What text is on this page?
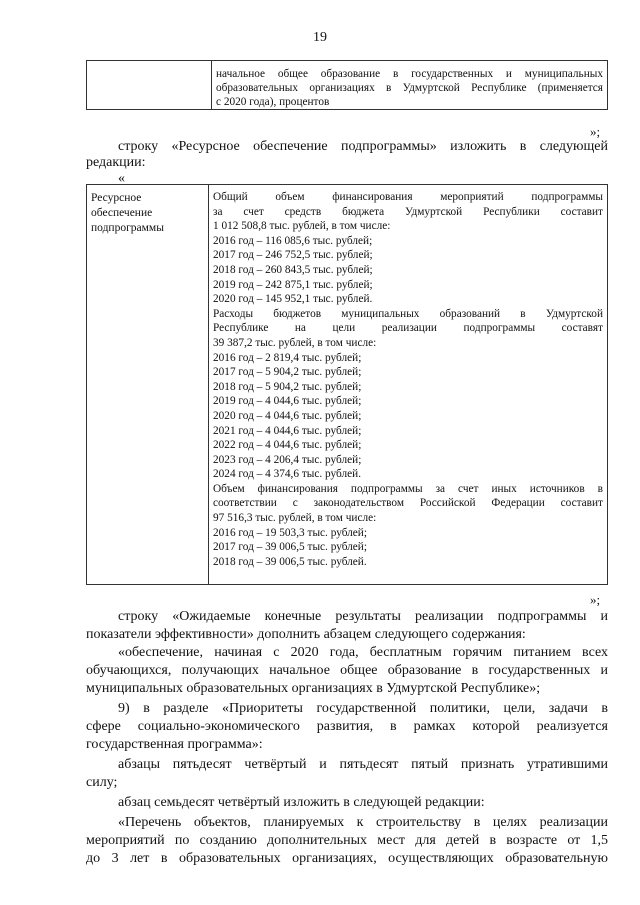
19
начальное общее образование в государственных и муниципальных
образовательных организациях в Удмуртской Республике (применяется
с 2020 года), процентов
»;
строку «Ресурсное обеспечение подпрограммы» изложить в следующей
редакции:
«
Ресурсное
обеспечение
подпрограммы
Общий объем финансирования мероприятий подпрограммы
за счет средств бюджета Удмуртской Республики составит
1 012 508,8 тыс. рублей, в том числе:
2016 год – 116 085,6 тыс. рублей;
2017 год – 246 752,5 тыс. рублей;
2018 год – 260 843,5 тыс. рублей;
2019 год – 242 875,1 тыс. рублей;
2020 год – 145 952,1 тыс. рублей.
Расходы бюджетов муниципальных образований в Удмуртской
Республике на цели реализации подпрограммы составят
39 387,2 тыс. рублей, в том числе:
2016 год – 2 819,4 тыс. рублей;
2017 год – 5 904,2 тыс. рублей;
2018 год – 5 904,2 тыс. рублей;
2019 год – 4 044,6 тыс. рублей;
2020 год – 4 044,6 тыс. рублей;
2021 год – 4 044,6 тыс. рублей;
2022 год – 4 044,6 тыс. рублей;
2023 год – 4 206,4 тыс. рублей;
2024 год – 4 374,6 тыс. рублей.
Объем финансирования подпрограммы за счет иных источников в
соответствии с законодательством Российской Федерации составит
97 516,3 тыс. рублей, в том числе:
2016 год – 19 503,3 тыс. рублей;
2017 год – 39 006,5 тыс. рублей;
2018 год – 39 006,5 тыс. рублей.
»;
строку «Ожидаемые конечные результаты реализации подпрограммы и
показатели эффективности» дополнить абзацем следующего содержания:
«обеспечение, начиная с 2020 года, бесплатным горячим питанием всех
обучающихся, получающих начальное общее образование в государственных и
муниципальных образовательных организациях в Удмуртской Республике»;
9) в разделе «Приоритеты государственной политики, цели, задачи в
сфере социально-экономического развития, в рамках которой реализуется
государственная программа»:
абзацы пятьдесят четвёртый и пятьдесят пятый признать утратившими
силу;
абзац семьдесят четвёртый изложить в следующей редакции:
«Перечень объектов, планируемых к строительству в целях реализации
мероприятий по созданию дополнительных мест для детей в возрасте от 1,5
до 3 лет в образовательных организациях, осуществляющих образовательную
